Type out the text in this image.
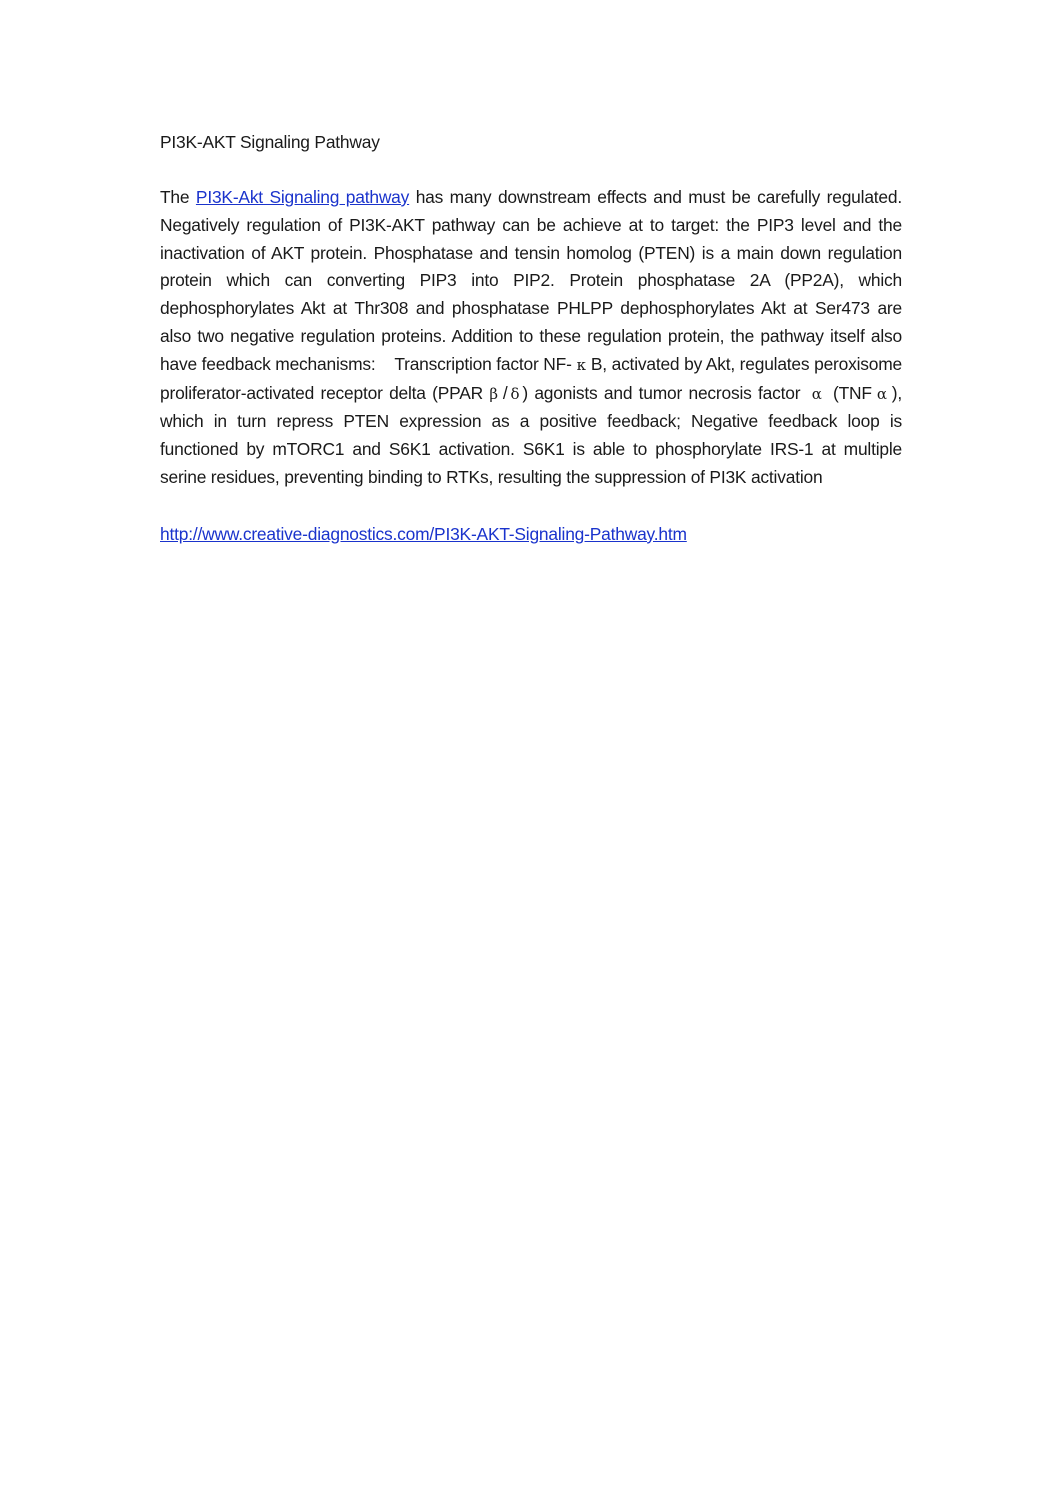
PI3K-AKT Signaling Pathway

The PI3K-Akt Signaling pathway has many downstream effects and must be carefully regulated. Negatively regulation of PI3K-AKT pathway can be achieve at to target: the PIP3 level and the inactivation of AKT protein. Phosphatase and tensin homolog (PTEN) is a main down regulation protein which can converting PIP3 into PIP2. Protein phosphatase 2A (PP2A), which dephosphorylates Akt at Thr308 and phosphatase PHLPP dephosphorylates Akt at Ser473 are also two negative regulation proteins. Addition to these regulation protein, the pathway itself also have feedback mechanisms:    Transcription factor NF- κ B, activated by Akt, regulates peroxisome proliferator-activated receptor delta (PPAR β / δ ) agonists and tumor necrosis factor α (TNF α ), which in turn repress PTEN expression as a positive feedback; Negative feedback loop is functioned by mTORC1 and S6K1 activation. S6K1 is able to phosphorylate IRS-1 at multiple serine residues, preventing binding to RTKs, resulting the suppression of PI3K activation

http://www.creative-diagnostics.com/PI3K-AKT-Signaling-Pathway.htm
